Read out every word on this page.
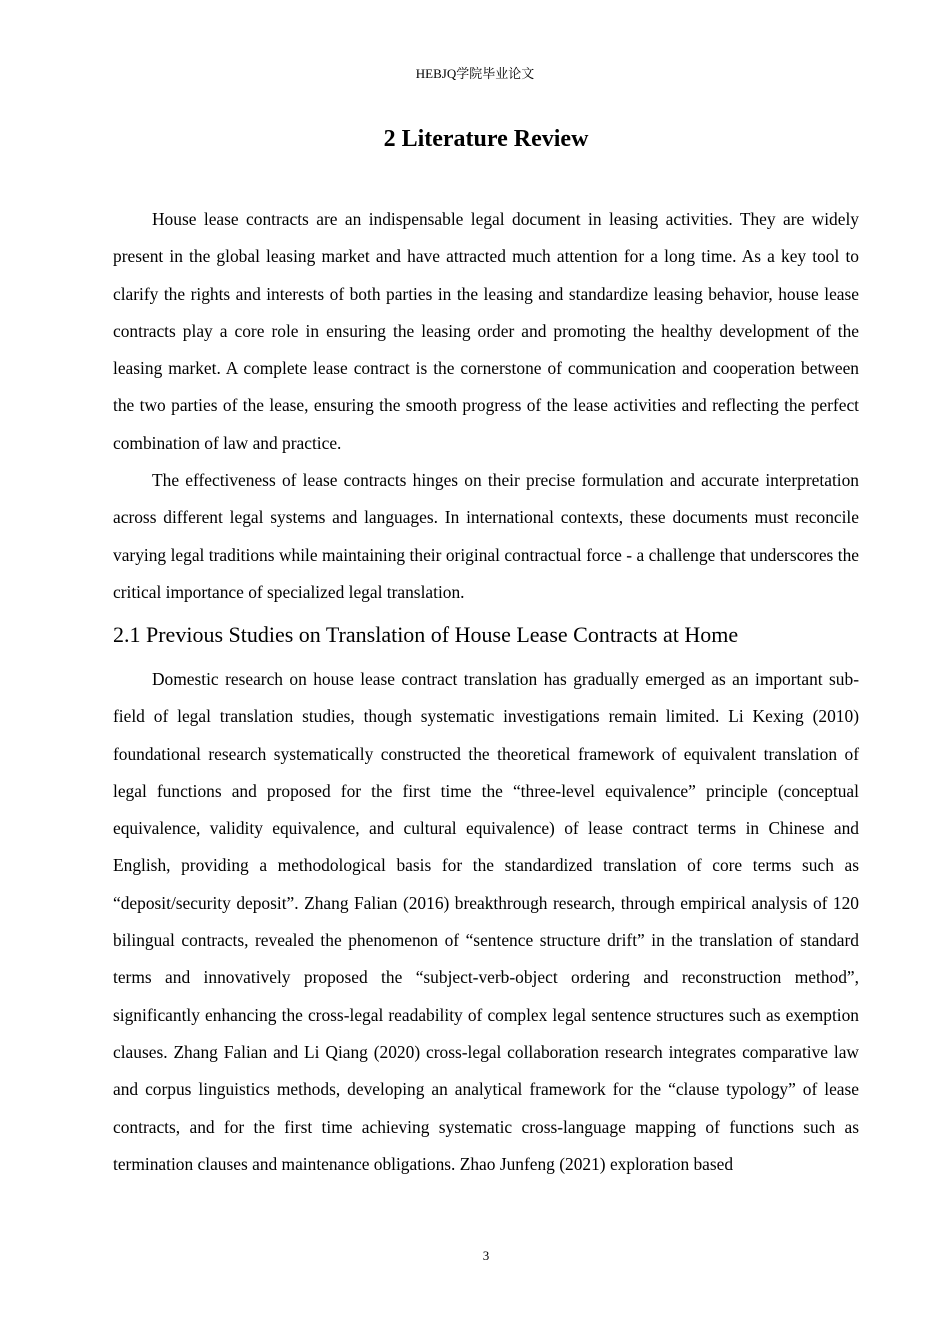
HEBJQ学院毕业论文
2 Literature Review

House lease contracts are an indispensable legal document in leasing activities. They are widely present in the global leasing market and have attracted much attention for a long time. As a key tool to clarify the rights and interests of both parties in the leasing and standardize leasing behavior, house lease contracts play a core role in ensuring the leasing order and promoting the healthy development of the leasing market. A complete lease contract is the cornerstone of communication and cooperation between the two parties of the lease, ensuring the smooth progress of the lease activities and reflecting the perfect combination of law and practice.

The effectiveness of lease contracts hinges on their precise formulation and accurate interpretation across different legal systems and languages. In international contexts, these documents must reconcile varying legal traditions while maintaining their original contractual force - a challenge that underscores the critical importance of specialized legal translation.

2.1 Previous Studies on Translation of House Lease Contracts at Home

Domestic research on house lease contract translation has gradually emerged as an important sub-field of legal translation studies, though systematic investigations remain limited. Li Kexing (2010) foundational research systematically constructed the theoretical framework of equivalent translation of legal functions and proposed for the first time the “three-level equivalence” principle (conceptual equivalence, validity equivalence, and cultural equivalence) of lease contract terms in Chinese and English, providing a methodological basis for the standardized translation of core terms such as “deposit/security deposit”. Zhang Falian (2016) breakthrough research, through empirical analysis of 120 bilingual contracts, revealed the phenomenon of “sentence structure drift” in the translation of standard terms and innovatively proposed the “subject-verb-object ordering and reconstruction method”, significantly enhancing the cross-legal readability of complex legal sentence structures such as exemption clauses. Zhang Falian and Li Qiang (2020) cross-legal collaboration research integrates comparative law and corpus linguistics methods, developing an analytical framework for the “clause typology” of lease contracts, and for the first time achieving systematic cross-language mapping of functions such as termination clauses and maintenance obligations. Zhao Junfeng (2021) exploration based

3
